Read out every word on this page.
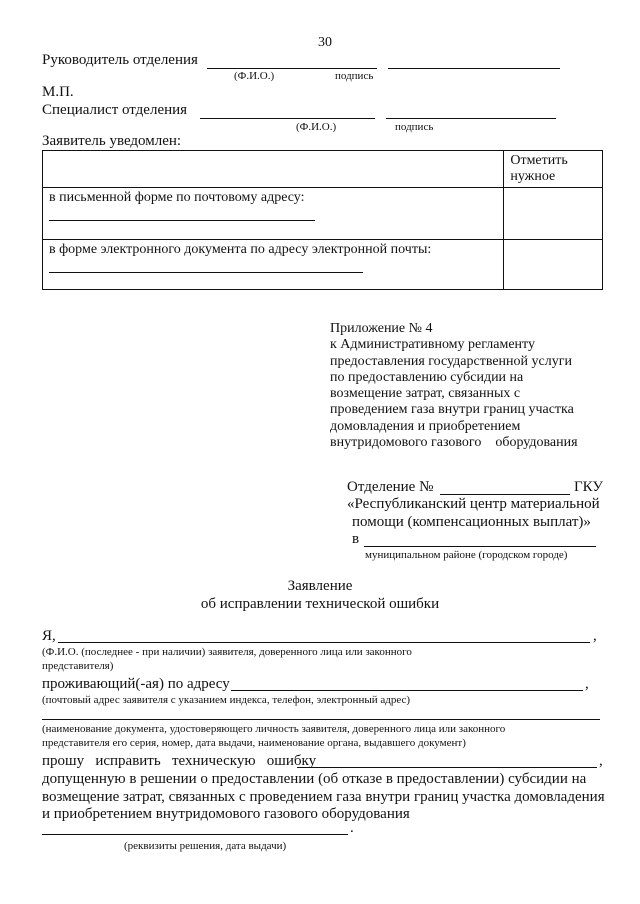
30
Руководитель отделения
(Ф.И.О.)	подпись
М.П.
Специалист отделения
(Ф.И.О.)	подпись
Заявитель уведомлен:
	Отметить нужное
в письменной форме по почтовому адресу:

в форме электронного документа по адресу электронной почты:

Приложение № 4
к Административному регламенту
предоставления государственной услуги
по предоставлению субсидии на
возмещение затрат, связанных с
проведением газа внутри границ участка
домовладения и приобретением
внутридомового газового    оборудования
Отделение №	ГКУ
«Республиканский центр материальной
помощи (компенсационных выплат)»
в
муниципальном районе (городском городе)
Заявление
об исправлении технической ошибки
Я,	,
(Ф.И.О. (последнее - при наличии) заявителя, доверенного лица или законного
представителя)
проживающий(-ая) по адресу	,
(почтовый адрес заявителя с указанием индекса, телефон, электронный адрес)
(наименование документа, удостоверяющего личность заявителя, доверенного лица или законного
представителя его серия, номер, дата выдачи, наименование органа, выдавшего документ)
прошу   исправить   техническую   ошибку	,
допущенную в решении о предоставлении (об отказе в предоставлении) субсидии на
возмещение затрат, связанных с проведением газа внутри границ участка домовладения
и приобретением внутридомового газового оборудования
.
(реквизиты решения, дата выдачи)
